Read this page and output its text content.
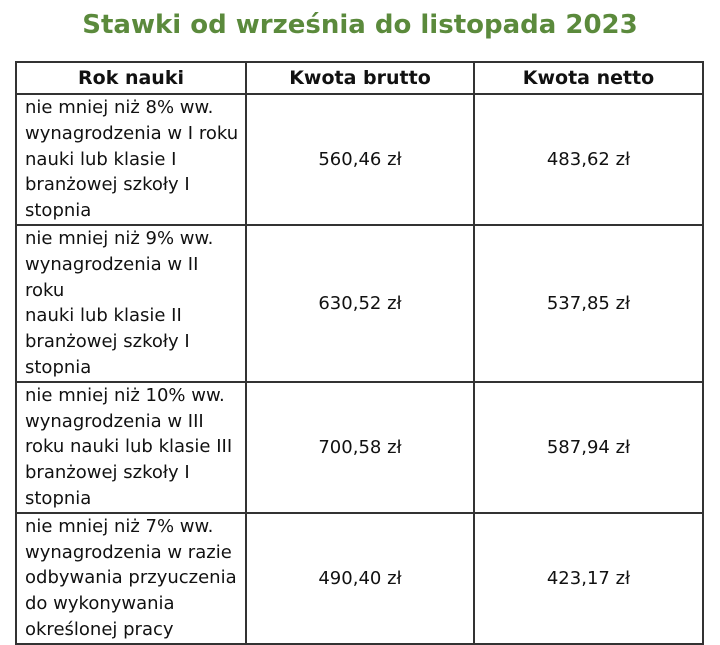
Stawki od września do listopada 2023
Rok nauki	Kwota brutto	Kwota netto

nie mniej niż 8% ww.
wynagrodzenia w I roku
nauki lub klasie I
branżowej szkoły I
stopnia	560,46 zł	483,62 zł

nie mniej niż 9% ww.
wynagrodzenia w II roku
nauki lub klasie II
branżowej szkoły I
stopnia	630,52 zł	537,85 zł

nie mniej niż 10% ww.
wynagrodzenia w III
roku nauki lub klasie III
branżowej szkoły I
stopnia	700,58 zł	587,94 zł

nie mniej niż 7% ww.
wynagrodzenia w razie
odbywania przyuczenia
do wykonywania
określonej pracy	490,40 zł	423,17 zł
